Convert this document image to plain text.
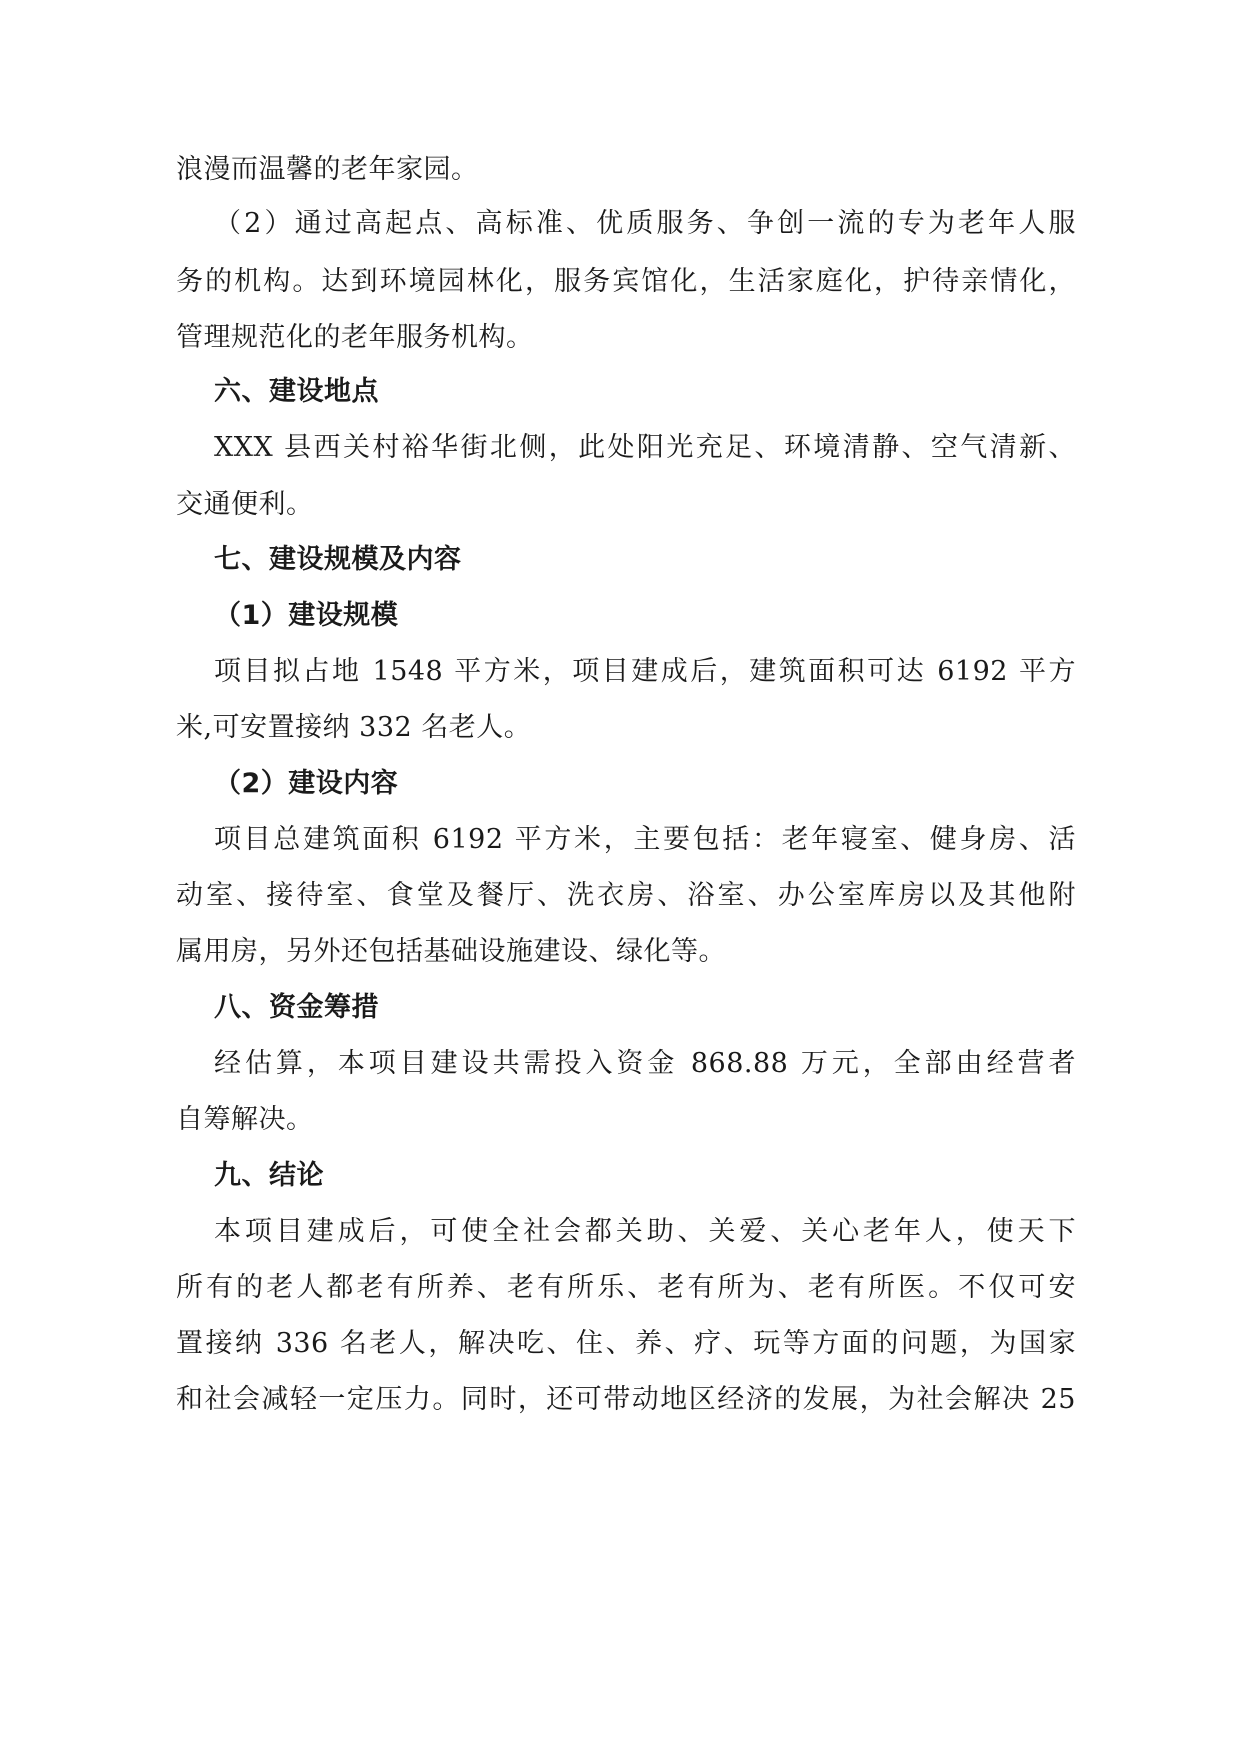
浪漫而温馨的老年家园。
（2）通过高起点、高标准、优质服务、争创一流的专为老年人服
务的机构。达到环境园林化，服务宾馆化，生活家庭化，护待亲情化，
管理规范化的老年服务机构。
六、建设地点
XXX 县西关村裕华街北侧，此处阳光充足、环境清静、空气清新、
交通便利。
七、建设规模及内容
（1）建设规模
项目拟占地 1548 平方米，项目建成后，建筑面积可达 6192 平方
米,可安置接纳 332 名老人。
（2）建设内容
项目总建筑面积 6192 平方米，主要包括：老年寝室、健身房、活
动室、接待室、食堂及餐厅、洗衣房、浴室、办公室库房以及其他附
属用房，另外还包括基础设施建设、绿化等。
八、资金筹措
经估算，本项目建设共需投入资金 868.88 万元，全部由经营者
自筹解决。
九、结论
本项目建成后，可使全社会都关助、关爱、关心老年人，使天下
所有的老人都老有所养、老有所乐、老有所为、老有所医。不仅可安
置接纳 336 名老人，解决吃、住、养、疗、玩等方面的问题，为国家
和社会减轻一定压力。同时，还可带动地区经济的发展，为社会解决 25
